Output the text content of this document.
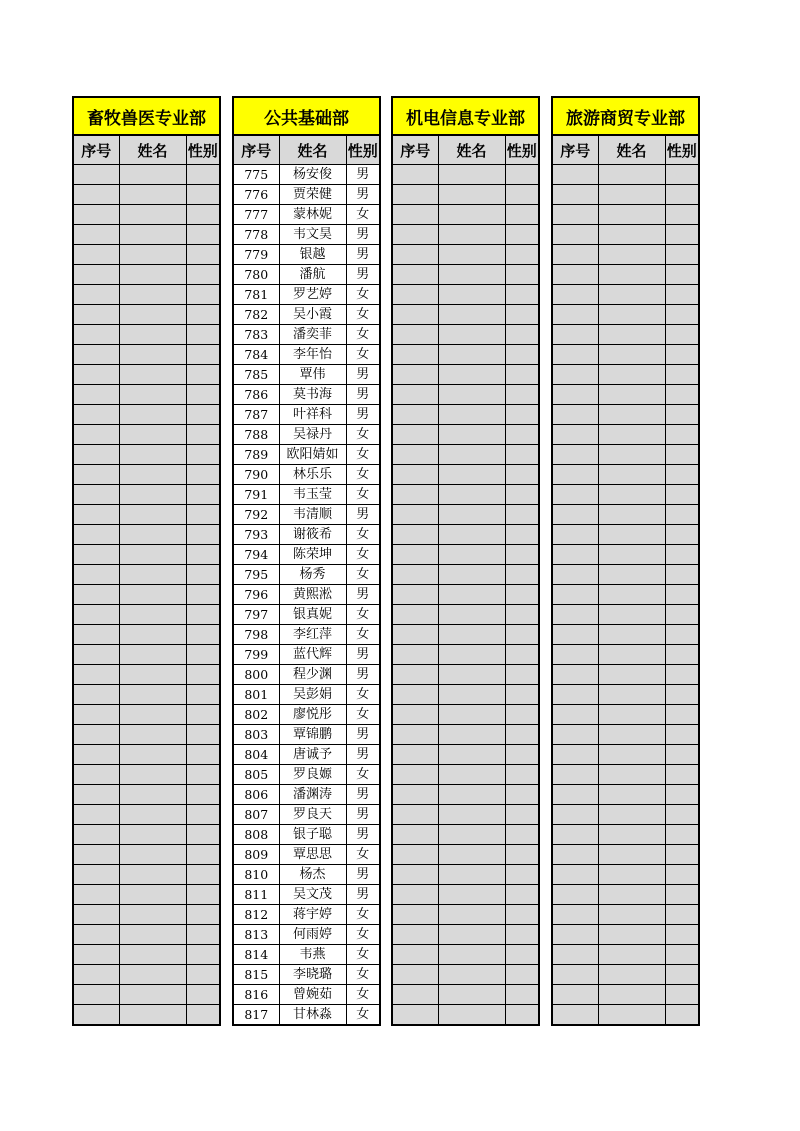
畜牧兽医专业部		
序号	姓名	性别

公共基础部		
序号	姓名	性别
775	杨安俊	男
776	贾荣健	男
777	蒙林妮	女
778	韦文昊	男
779	银越	男
780	潘航	男
781	罗艺婷	女
782	吴小霞	女
783	潘奕菲	女
784	李年怡	女
785	覃伟	男
786	莫书海	男
787	叶祥科	男
788	吴禄丹	女
789	欧阳婧如	女
790	林乐乐	女
791	韦玉莹	女
792	韦清顺	男
793	谢筱希	女
794	陈荣坤	女
795	杨秀	女
796	黄熙淞	男
797	银真妮	女
798	李红萍	女
799	蓝代辉	男
800	程少渊	男
801	吴彭娟	女
802	廖悦彤	女
803	覃锦鹏	男
804	唐诚予	男
805	罗良嫄	女
806	潘渊涛	男
807	罗良天	男
808	银子聪	男
809	覃思思	女
810	杨杰	男
811	吴文茂	男
812	蒋宇婷	女
813	何雨婷	女
814	韦燕	女
815	李晓璐	女
816	曾婉茹	女
817	甘林淼	女
机电信息专业部		
序号	姓名	性别

旅游商贸专业部		
序号	姓名	性别
